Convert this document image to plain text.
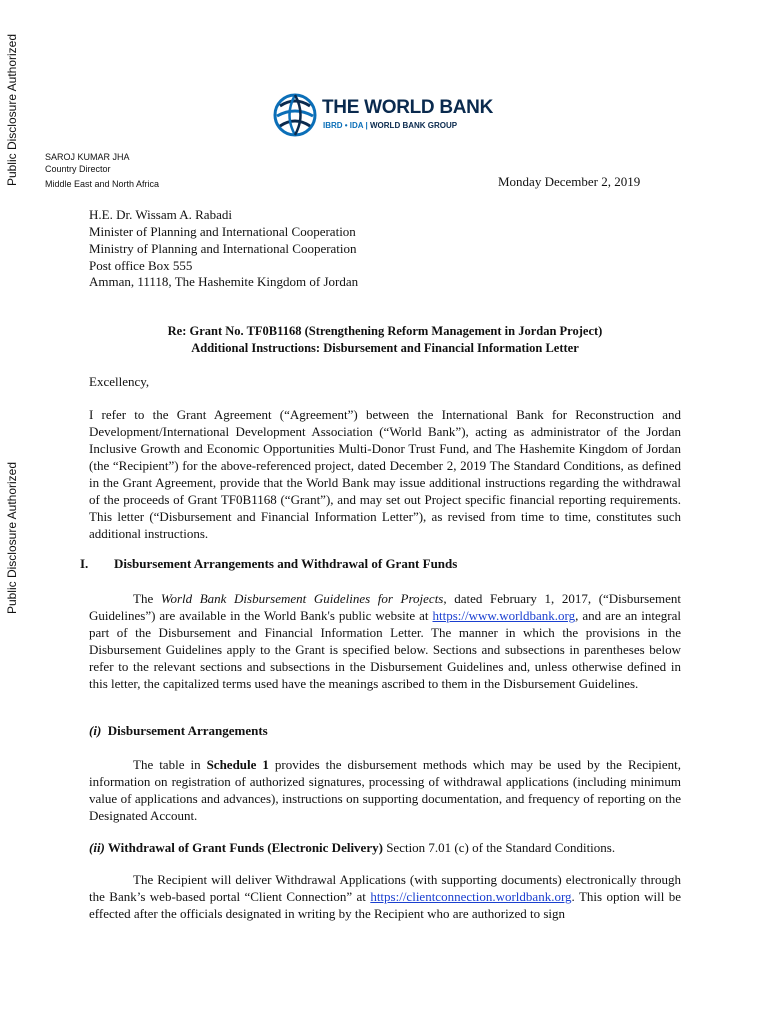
Public Disclosure Authorized
Public Disclosure Authorized
THE WORLD BANK
IBRD • IDA | WORLD BANK GROUP
SAROJ KUMAR JHA
Country Director
Middle East and North Africa	Monday December 2, 2019
H.E. Dr. Wissam A. Rabadi
Minister of Planning and International Cooperation
Ministry of Planning and International Cooperation
Post office Box 555
Amman, 11118, The Hashemite Kingdom of Jordan
Re: Grant No. TF0B1168 (Strengthening Reform Management in Jordan Project)
Additional Instructions: Disbursement and Financial Information Letter
Excellency,

I refer to the Grant Agreement (“Agreement”) between the International Bank for Reconstruction and Development/International Development Association (“World Bank”), acting as administrator of the Jordan Inclusive Growth and Economic Opportunities Multi-Donor Trust Fund, and The Hashemite Kingdom of Jordan (the “Recipient”) for the above-referenced project, dated December 2, 2019 The Standard Conditions, as defined in the Grant Agreement, provide that the World Bank may issue additional instructions regarding the withdrawal of the proceeds of Grant TF0B1168 (“Grant”), and may set out Project specific financial reporting requirements. This letter (“Disbursement and Financial Information Letter”), as revised from time to time, constitutes such additional instructions.

I. Disbursement Arrangements and Withdrawal of Grant Funds

The World Bank Disbursement Guidelines for Projects, dated February 1, 2017, (“Disbursement Guidelines”) are available in the World Bank's public website at https://www.worldbank.org, and are an integral part of the Disbursement and Financial Information Letter. The manner in which the provisions in the Disbursement Guidelines apply to the Grant is specified below. Sections and subsections in parentheses below refer to the relevant sections and subsections in the Disbursement Guidelines and, unless otherwise defined in this letter, the capitalized terms used have the meanings ascribed to them in the Disbursement Guidelines.

(i) Disbursement Arrangements

The table in Schedule 1 provides the disbursement methods which may be used by the Recipient, information on registration of authorized signatures, processing of withdrawal applications (including minimum value of applications and advances), instructions on supporting documentation, and frequency of reporting on the Designated Account.

(ii) Withdrawal of Grant Funds (Electronic Delivery) Section 7.01 (c) of the Standard Conditions.

The Recipient will deliver Withdrawal Applications (with supporting documents) electronically through the Bank’s web-based portal “Client Connection” at https://clientconnection.worldbank.org. This option will be effected after the officials designated in writing by the Recipient who are authorized to sign
